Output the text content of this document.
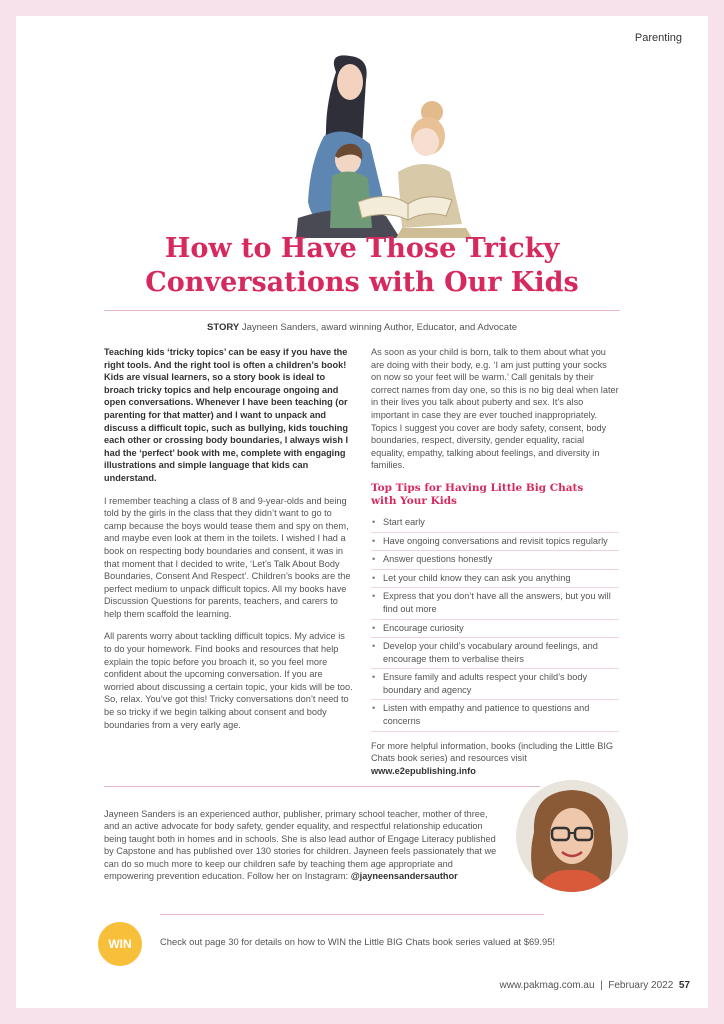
Parenting
How to Have Those Tricky
Conversations with Our Kids
STORY Jayneen Sanders, award winning Author, Educator, and Advocate

Teaching kids ‘tricky topics’ can be easy if you have the right tools. And the right tool is often a children’s book! Kids are visual learners, so a story book is ideal to broach tricky topics and help encourage ongoing and open conversations. Whenever I have been teaching (or parenting for that matter) and I want to unpack and discuss a difficult topic, such as bullying, kids touching each other or crossing body boundaries, I always wish I had the ‘perfect’ book with me, complete with engaging illustrations and simple language that kids can understand.

I remember teaching a class of 8 and 9-year-olds and being told by the girls in the class that they didn’t want to go to camp because the boys would tease them and spy on them, and maybe even look at them in the toilets. I wished I had a book on respecting body boundaries and consent, it was in that moment that I decided to write, ‘Let’s Talk About Body Boundaries, Consent And Respect’. Children’s books are the perfect medium to unpack difficult topics. All my books have Discussion Questions for parents, teachers, and carers to help them scaffold the learning.

All parents worry about tackling difficult topics. My advice is to do your homework. Find books and resources that help explain the topic before you broach it, so you feel more confident about the upcoming conversation. If you are worried about discussing a certain topic, your kids will be too. So, relax. You’ve got this! Tricky conversations don’t need to be so tricky if we begin talking about consent and body boundaries from a very early age.

As soon as your child is born, talk to them about what you are doing with their body, e.g. ‘I am just putting your socks on now so your feet will be warm.’ Call genitals by their correct names from day one, so this is no big deal when later in their lives you talk about puberty and sex. It’s also important in case they are ever touched inappropriately. Topics I suggest you cover are body safety, consent, body boundaries, respect, diversity, gender equality, racial equality, empathy, talking about feelings, and diversity in families.

Top Tips for Having Little Big Chats
with Your Kids
• Start early
• Have ongoing conversations and revisit topics regularly
• Answer questions honestly
• Let your child know they can ask you anything
• Express that you don’t have all the answers, but you will find out more
• Encourage curiosity
• Develop your child’s vocabulary around feelings, and encourage them to verbalise theirs
• Ensure family and adults respect your child’s body boundary and agency
• Listen with empathy and patience to questions and concerns

For more helpful information, books (including the Little BIG Chats book series) and resources visit
www.e2epublishing.info

Jayneen Sanders is an experienced author, publisher, primary school teacher, mother of three, and an active advocate for body safety, gender equality, and respectful relationship education being taught both in homes and in schools. She is also lead author of Engage Literacy published by Capstone and has published over 130 stories for children. Jayneen feels passionately that we can do so much more to keep our children safe by teaching them age appropriate and empowering prevention education. Follow her on Instagram: @jayneensandersauthor
WIN	Check out page 30 for details on how to WIN the Little BIG Chats book series valued at $69.95!
www.pakmag.com.au  |  February 2022 57
